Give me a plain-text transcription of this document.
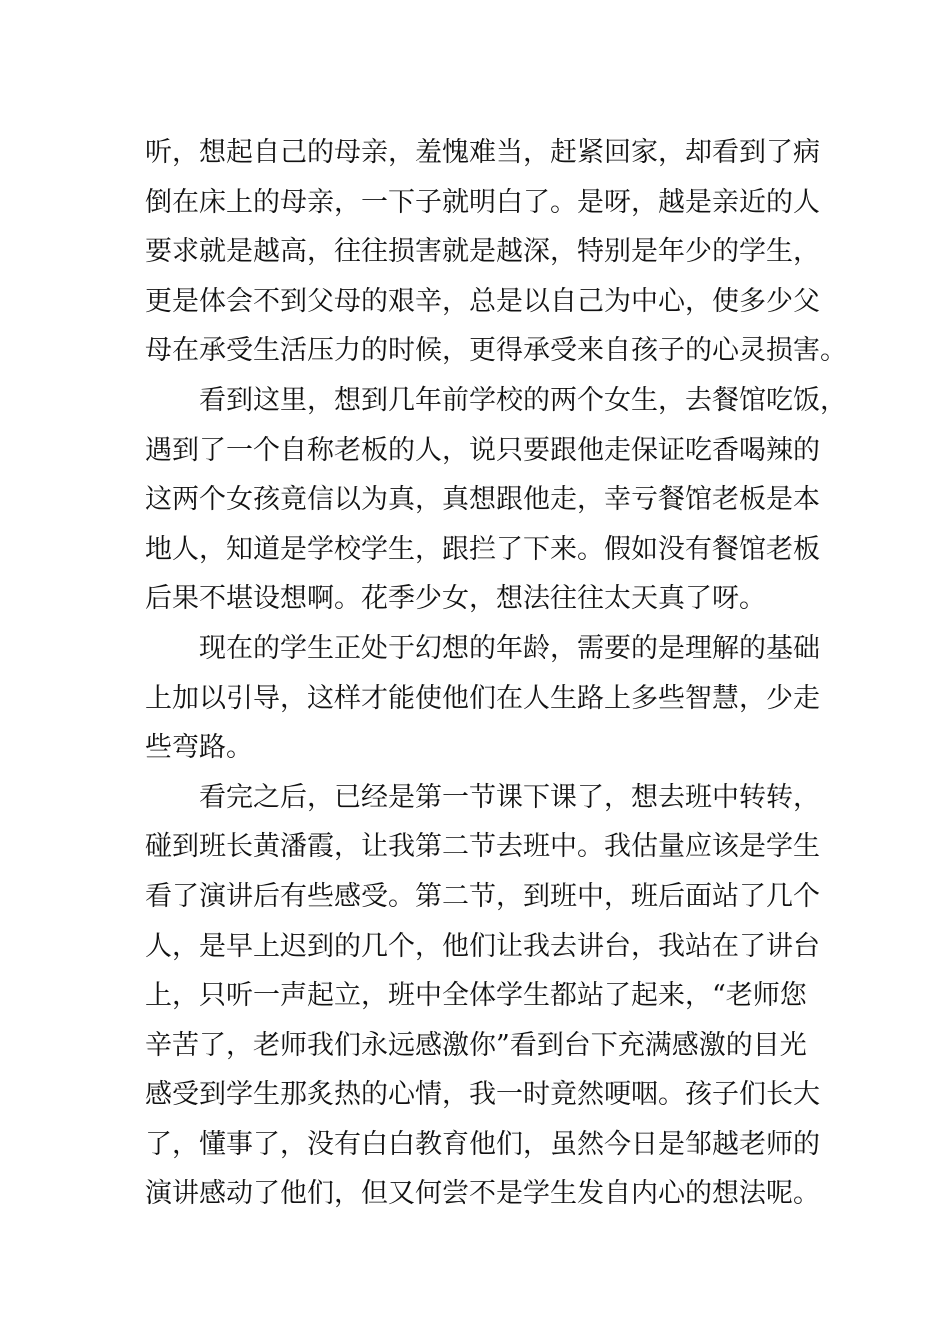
听，想起自己的母亲，羞愧难当，赶紧回家，却看到了病
倒在床上的母亲，一下子就明白了。是呀，越是亲近的人
要求就是越高，往往损害就是越深，特别是年少的学生，
更是体会不到父母的艰辛，总是以自己为中心，使多少父
母在承受生活压力的时候，更得承受来自孩子的心灵损害。
看到这里，想到几年前学校的两个女生，去餐馆吃饭，
遇到了一个自称老板的人，说只要跟他走保证吃香喝辣的
这两个女孩竟信以为真，真想跟他走，幸亏餐馆老板是本
地人，知道是学校学生，跟拦了下来。假如没有餐馆老板
后果不堪设想啊。花季少女，想法往往太天真了呀。
现在的学生正处于幻想的年龄，需要的是理解的基础
上加以引导，这样才能使他们在人生路上多些智慧，少走
些弯路。
看完之后，已经是第一节课下课了，想去班中转转，
碰到班长黄潘霞，让我第二节去班中。我估量应该是学生
看了演讲后有些感受。第二节，到班中，班后面站了几个
人，是早上迟到的几个，他们让我去讲台，我站在了讲台
上，只听一声起立，班中全体学生都站了起来，“老师您
辛苦了，老师我们永远感激你”看到台下充满感激的目光
感受到学生那炙热的心情，我一时竟然哽咽。孩子们长大
了，懂事了，没有白白教育他们，虽然今日是邹越老师的
演讲感动了他们，但又何尝不是学生发自内心的想法呢。
